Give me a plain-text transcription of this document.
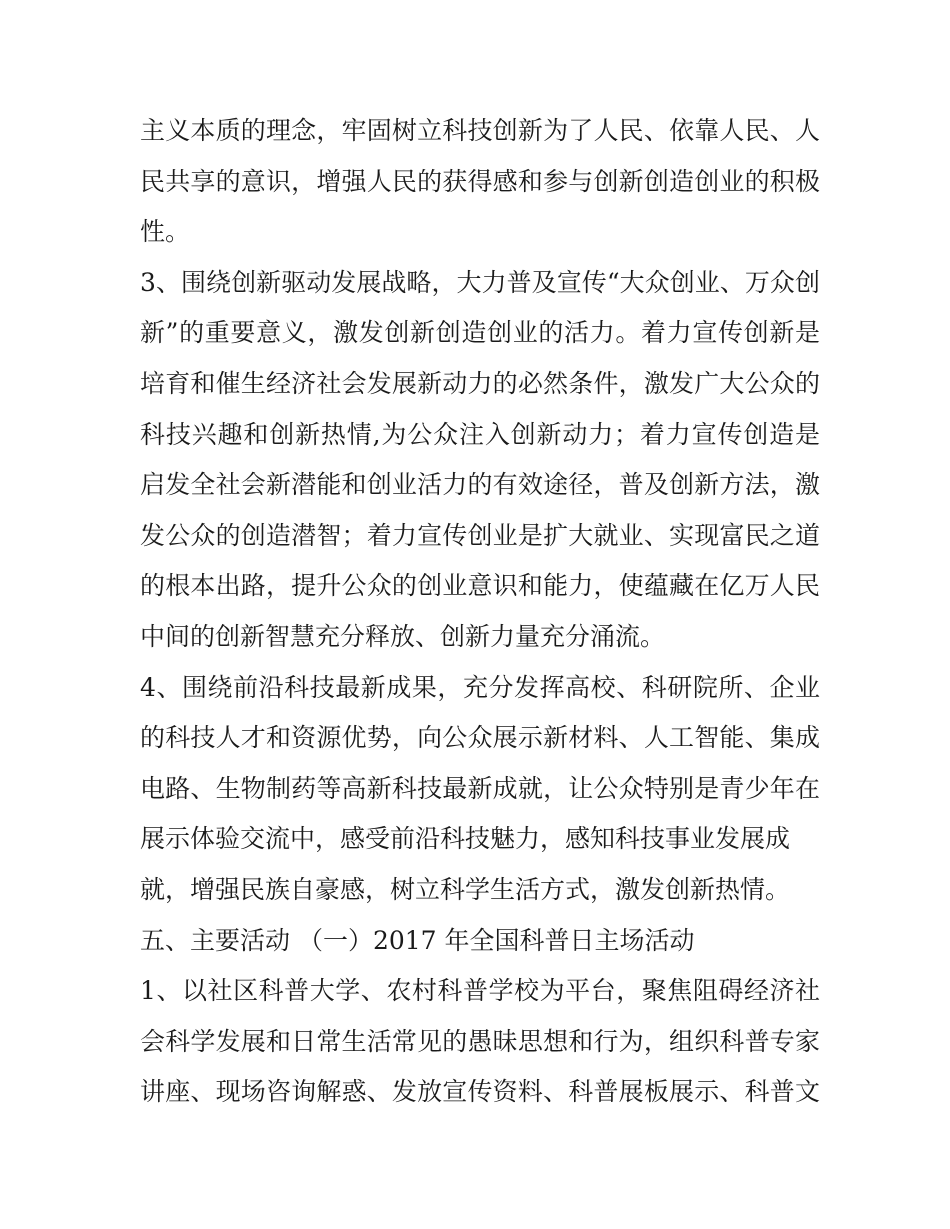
主义本质的理念，牢固树立科技创新为了人民、依靠人民、人
民共享的意识，增强人民的获得感和参与创新创造创业的积极
性。
3、围绕创新驱动发展战略，大力普及宣传“大众创业、万众创
新”的重要意义，激发创新创造创业的活力。着力宣传创新是
培育和催生经济社会发展新动力的必然条件，激发广大公众的
科技兴趣和创新热情,为公众注入创新动力；着力宣传创造是
启发全社会新潜能和创业活力的有效途径，普及创新方法，激
发公众的创造潜智；着力宣传创业是扩大就业、实现富民之道
的根本出路，提升公众的创业意识和能力，使蕴藏在亿万人民
中间的创新智慧充分释放、创新力量充分涌流。
4、围绕前沿科技最新成果，充分发挥高校、科研院所、企业
的科技人才和资源优势，向公众展示新材料、人工智能、集成
电路、生物制药等高新科技最新成就，让公众特别是青少年在
展示体验交流中，感受前沿科技魅力，感知科技事业发展成
就，增强民族自豪感，树立科学生活方式，激发创新热情。
五、主要活动 （一）2017 年全国科普日主场活动
1、以社区科普大学、农村科普学校为平台，聚焦阻碍经济社
会科学发展和日常生活常见的愚昧思想和行为，组织科普专家
讲座、现场咨询解惑、发放宣传资料、科普展板展示、科普文
